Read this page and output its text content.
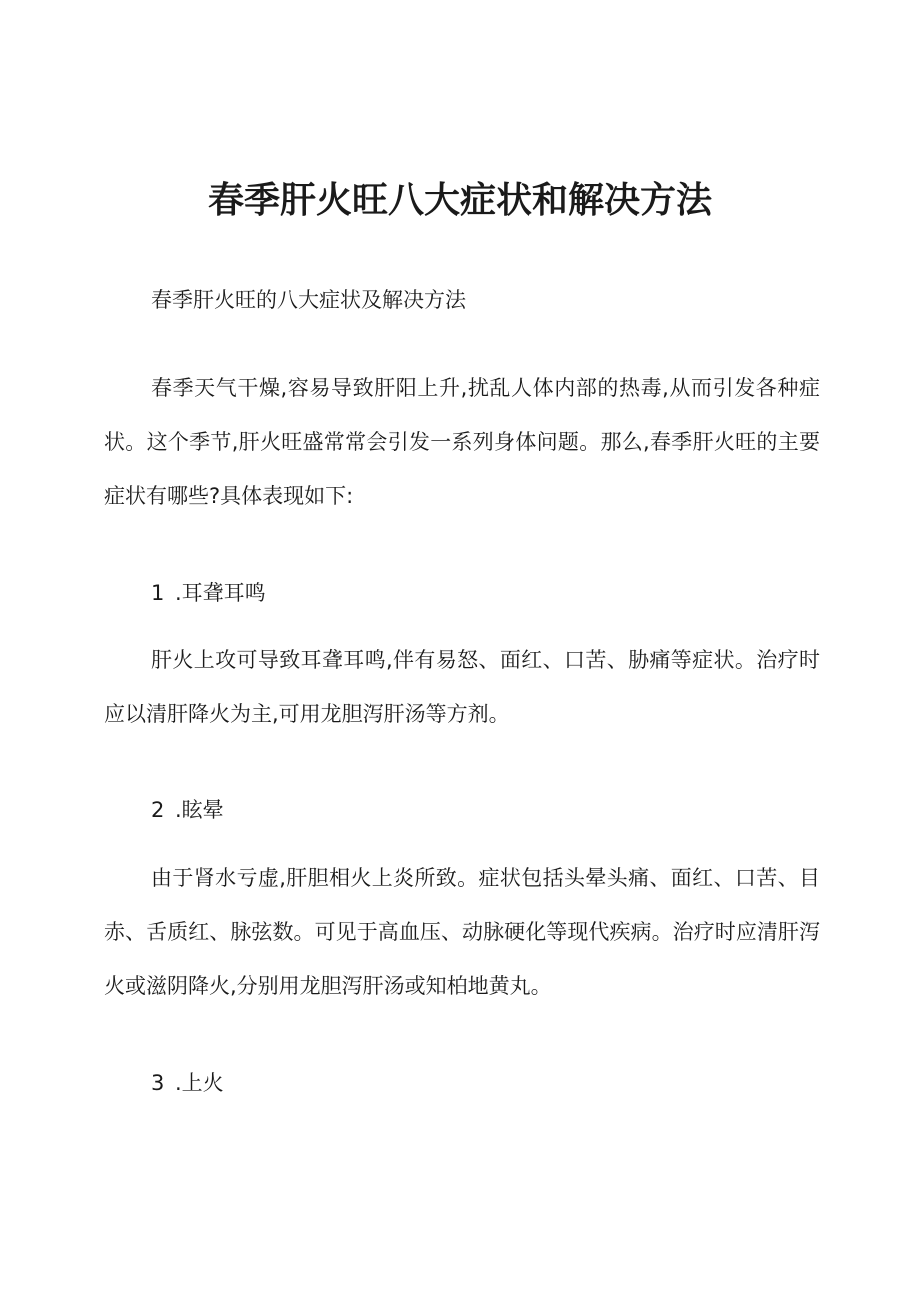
春季肝火旺八大症状和解决方法

春季肝火旺的八大症状及解决方法

春季天气干燥,容易导致肝阳上升,扰乱人体内部的热毒,从而引发各种症状。这个季节,肝火旺盛常常会引发一系列身体问题。那么,春季肝火旺的主要症状有哪些?具体表现如下:

1 .耳聋耳鸣

肝火上攻可导致耳聋耳鸣,伴有易怒、面红、口苦、胁痛等症状。治疗时应以清肝降火为主,可用龙胆泻肝汤等方剂。

2 .眩晕

由于肾水亏虚,肝胆相火上炎所致。症状包括头晕头痛、面红、口苦、目赤、舌质红、脉弦数。可见于高血压、动脉硬化等现代疾病。治疗时应清肝泻火或滋阴降火,分别用龙胆泻肝汤或知柏地黄丸。

3 .上火
